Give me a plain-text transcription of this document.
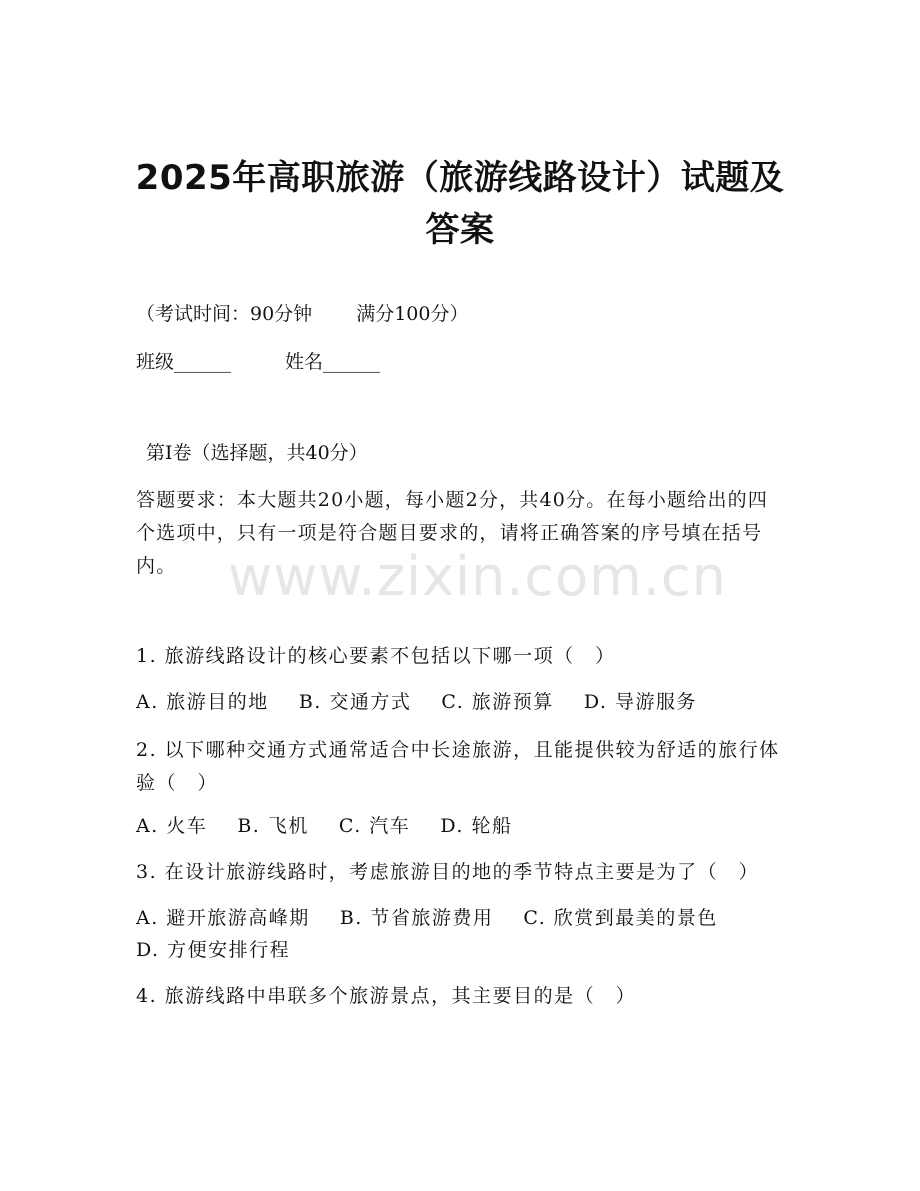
2025年高职旅游（旅游线路设计）试题及答案
（考试时间：90分钟 满分100分）
班级______	姓名______
第Ⅰ卷（选择题，共40分）
答题要求：本大题共20小题，每小题2分，共40分。在每小题给出的四个选项中，只有一项是符合题目要求的，请将正确答案的序号填在括号内。 www.zixin.com.cn
1. 旅游线路设计的核心要素不包括以下哪一项（　）
A. 旅游目的地 B. 交通方式 C. 旅游预算 D. 导游服务
2. 以下哪种交通方式通常适合中长途旅游，且能提供较为舒适的旅行体验（　）
A. 火车 B. 飞机 C. 汽车 D. 轮船
3. 在设计旅游线路时，考虑旅游目的地的季节特点主要是为了（　）
A. 避开旅游高峰期 B. 节省旅游费用 C. 欣赏到最美的景色
D. 方便安排行程
4. 旅游线路中串联多个旅游景点，其主要目的是（　）
